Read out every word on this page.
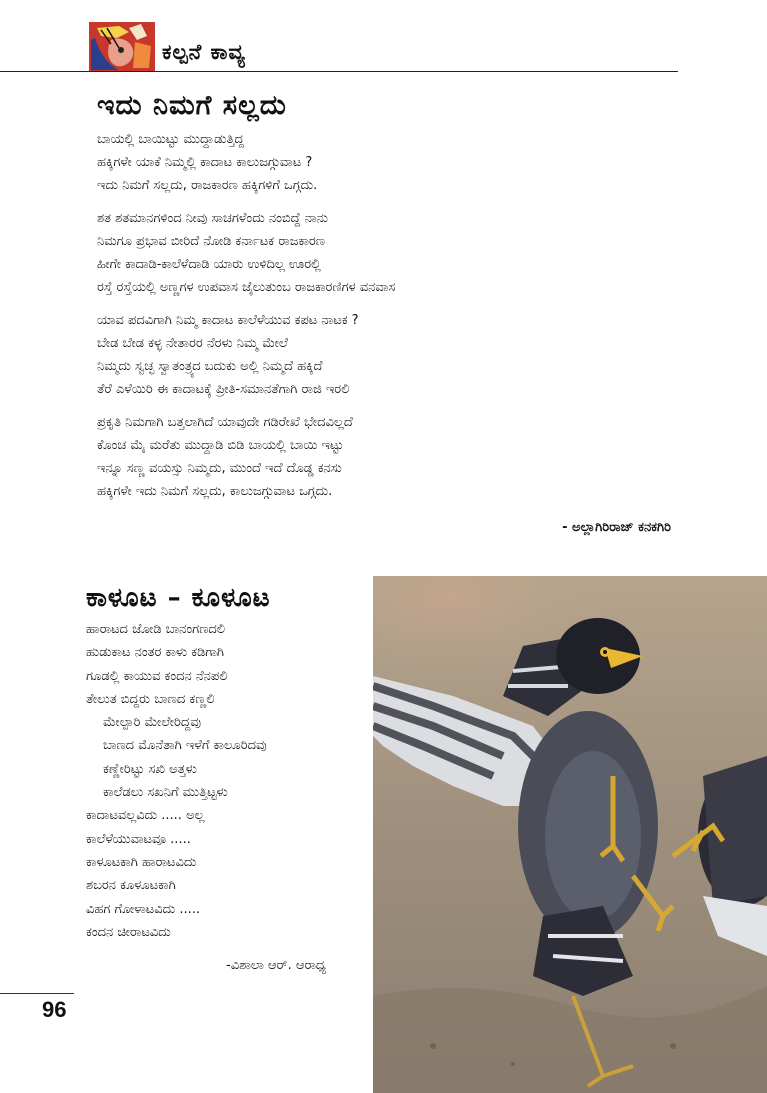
ಕಲ್ಪನೆ ಕಾವ್ಯ
ಇದು ನಿಮಗೆ ಸಲ್ಲದು
ಬಾಯಲ್ಲಿ ಬಾಯಿಟ್ಟು ಮುದ್ದಾಡುತ್ತಿದ್ದ
ಹಕ್ಕಿಗಳೇ ಯಾಕೆ ನಿಮ್ಮಲ್ಲಿ ಕಾದಾಟ ಕಾಲುಜಗ್ಗುವಾಟ ?
ಇದು ನಿಮಗೆ ಸಲ್ಲದು, ರಾಜಕಾರಣ ಹಕ್ಕಿಗಳಿಗೆ ಒಗ್ಗದು.
ಶತ ಶತಮಾನಗಳಿಂದ ನೀವು ಸಾಚಗಳೆಂದು ನಂಬಿದ್ದೆ ನಾನು
ನಿಮಗೂ ಪ್ರಭಾವ ಬೀರಿದೆ ನೋಡಿ ಕರ್ನಾಟಕ ರಾಜಕಾರಣ
ಹೀಗೇ ಕಾದಾಡಿ-ಕಾಲೆಳೆದಾಡಿ ಯಾರು ಉಳಿದಿಲ್ಲ ಊರಲ್ಲಿ
ರಸ್ತೆ ರಸ್ತೆಯಲ್ಲಿ ಅಣ್ಣಗಳ ಉಪವಾಸ ಜೈಲುತುಂಬ ರಾಜಕಾರಣಿಗಳ ವನವಾಸ
ಯಾವ ಪದವಿಗಾಗಿ ನಿಮ್ಮ ಕಾದಾಟ ಕಾಲೆಳೆಯುವ ಕಪಟ ನಾಟಕ ?
ಬೇಡ ಬೇಡ ಕಳ್ಳ ನೇತಾರರ ನೆರಳು ನಿಮ್ಮ ಮೇಲೆ
ನಿಮ್ಮದು ಸ್ವಚ್ಛ ಸ್ವಾತಂತ್ರ್ಯದ ಬದುಕು ಅಲ್ಲಿ ನಿಮ್ಮದೆ ಹಕ್ಕಿದೆ
ತೆರೆ ಎಳೆಯಿರಿ ಈ ಕಾದಾಟಕ್ಕೆ ಪ್ರೀತಿ-ಸಮಾನತೆಗಾಗಿ ರಾಜಿ ಇರಲಿ
ಪ್ರಕೃತಿ ನಿಮಗಾಗಿ ಬತ್ತಲಾಗಿದೆ ಯಾವುದೇ ಗಡಿರೇಖೆ ಭೇದವಿಲ್ಲದೆ
ಕೊಂಚ ಮೈ ಮರೆತು ಮುದ್ದಾಡಿ ಬಿಡಿ ಬಾಯಲ್ಲಿ ಬಾಯಿ ಇಟ್ಟು
ಇನ್ನೂ ಸಣ್ಣ ವಯಸ್ಸು ನಿಮ್ಮದು, ಮುಂದೆ ಇದೆ ದೊಡ್ಡ ಕನಸು
ಹಕ್ಕಿಗಳೇ ಇದು ನಿಮಗೆ ಸಲ್ಲದು, ಕಾಲುಜಗ್ಗುವಾಟ ಒಗ್ಗದು.
- ಅಲ್ಲಾಗಿರಿರಾಜ್ ಕನಕಗಿರಿ
ಕಾಳೂಟ – ಕೂಳೂಟ
ಹಾರಾಟದ ಜೋಡಿ ಬಾನಂಗಣದಲಿ
ಹುಡುಕಾಟ ನಂತರ ಕಾಳು ಕಡಿಗಾಗಿ
ಗೂಡಲ್ಲಿ ಕಾಯುವ ಕಂದನ ನೆನಪಲಿ
ತೇಲುತ ಬಿದ್ದರು ಬಾಣದ ಕಣ್ಣಲಿ
ಮೇಲ್ಪಾರಿ ಮೇಲೇರಿದ್ದವು
ಬಾಣದ ಮೊನೆತಾಗಿ ಇಳೆಗೆ ಕಾಲೂರಿದವು
ಕಣ್ಣೇರಿಟ್ಟು ಸಖಿ ಅತ್ತಳು
ಕಾಲೆಡಲು ಸಖನಿಗೆ ಮುತ್ತಿಟ್ಟಳು
ಕಾದಾಟವಲ್ಲವಿದು ..... ಅಲ್ಲ
ಕಾಲೆಳೆಯುವಾಟವೂ .....
ಕಾಳೂಟಕಾಗಿ ಹಾರಾಟವಿದು
ಶಬರನ ಕೂಳೂಟಕಾಗಿ
ವಿಹಗ ಗೋಳಾಟವಿದು .....
ಕಂದನ ಚೀರಾಟವಿದು
-ವಿಶಾಲಾ ಆರ್. ಆರಾಧ್ಯ
96
